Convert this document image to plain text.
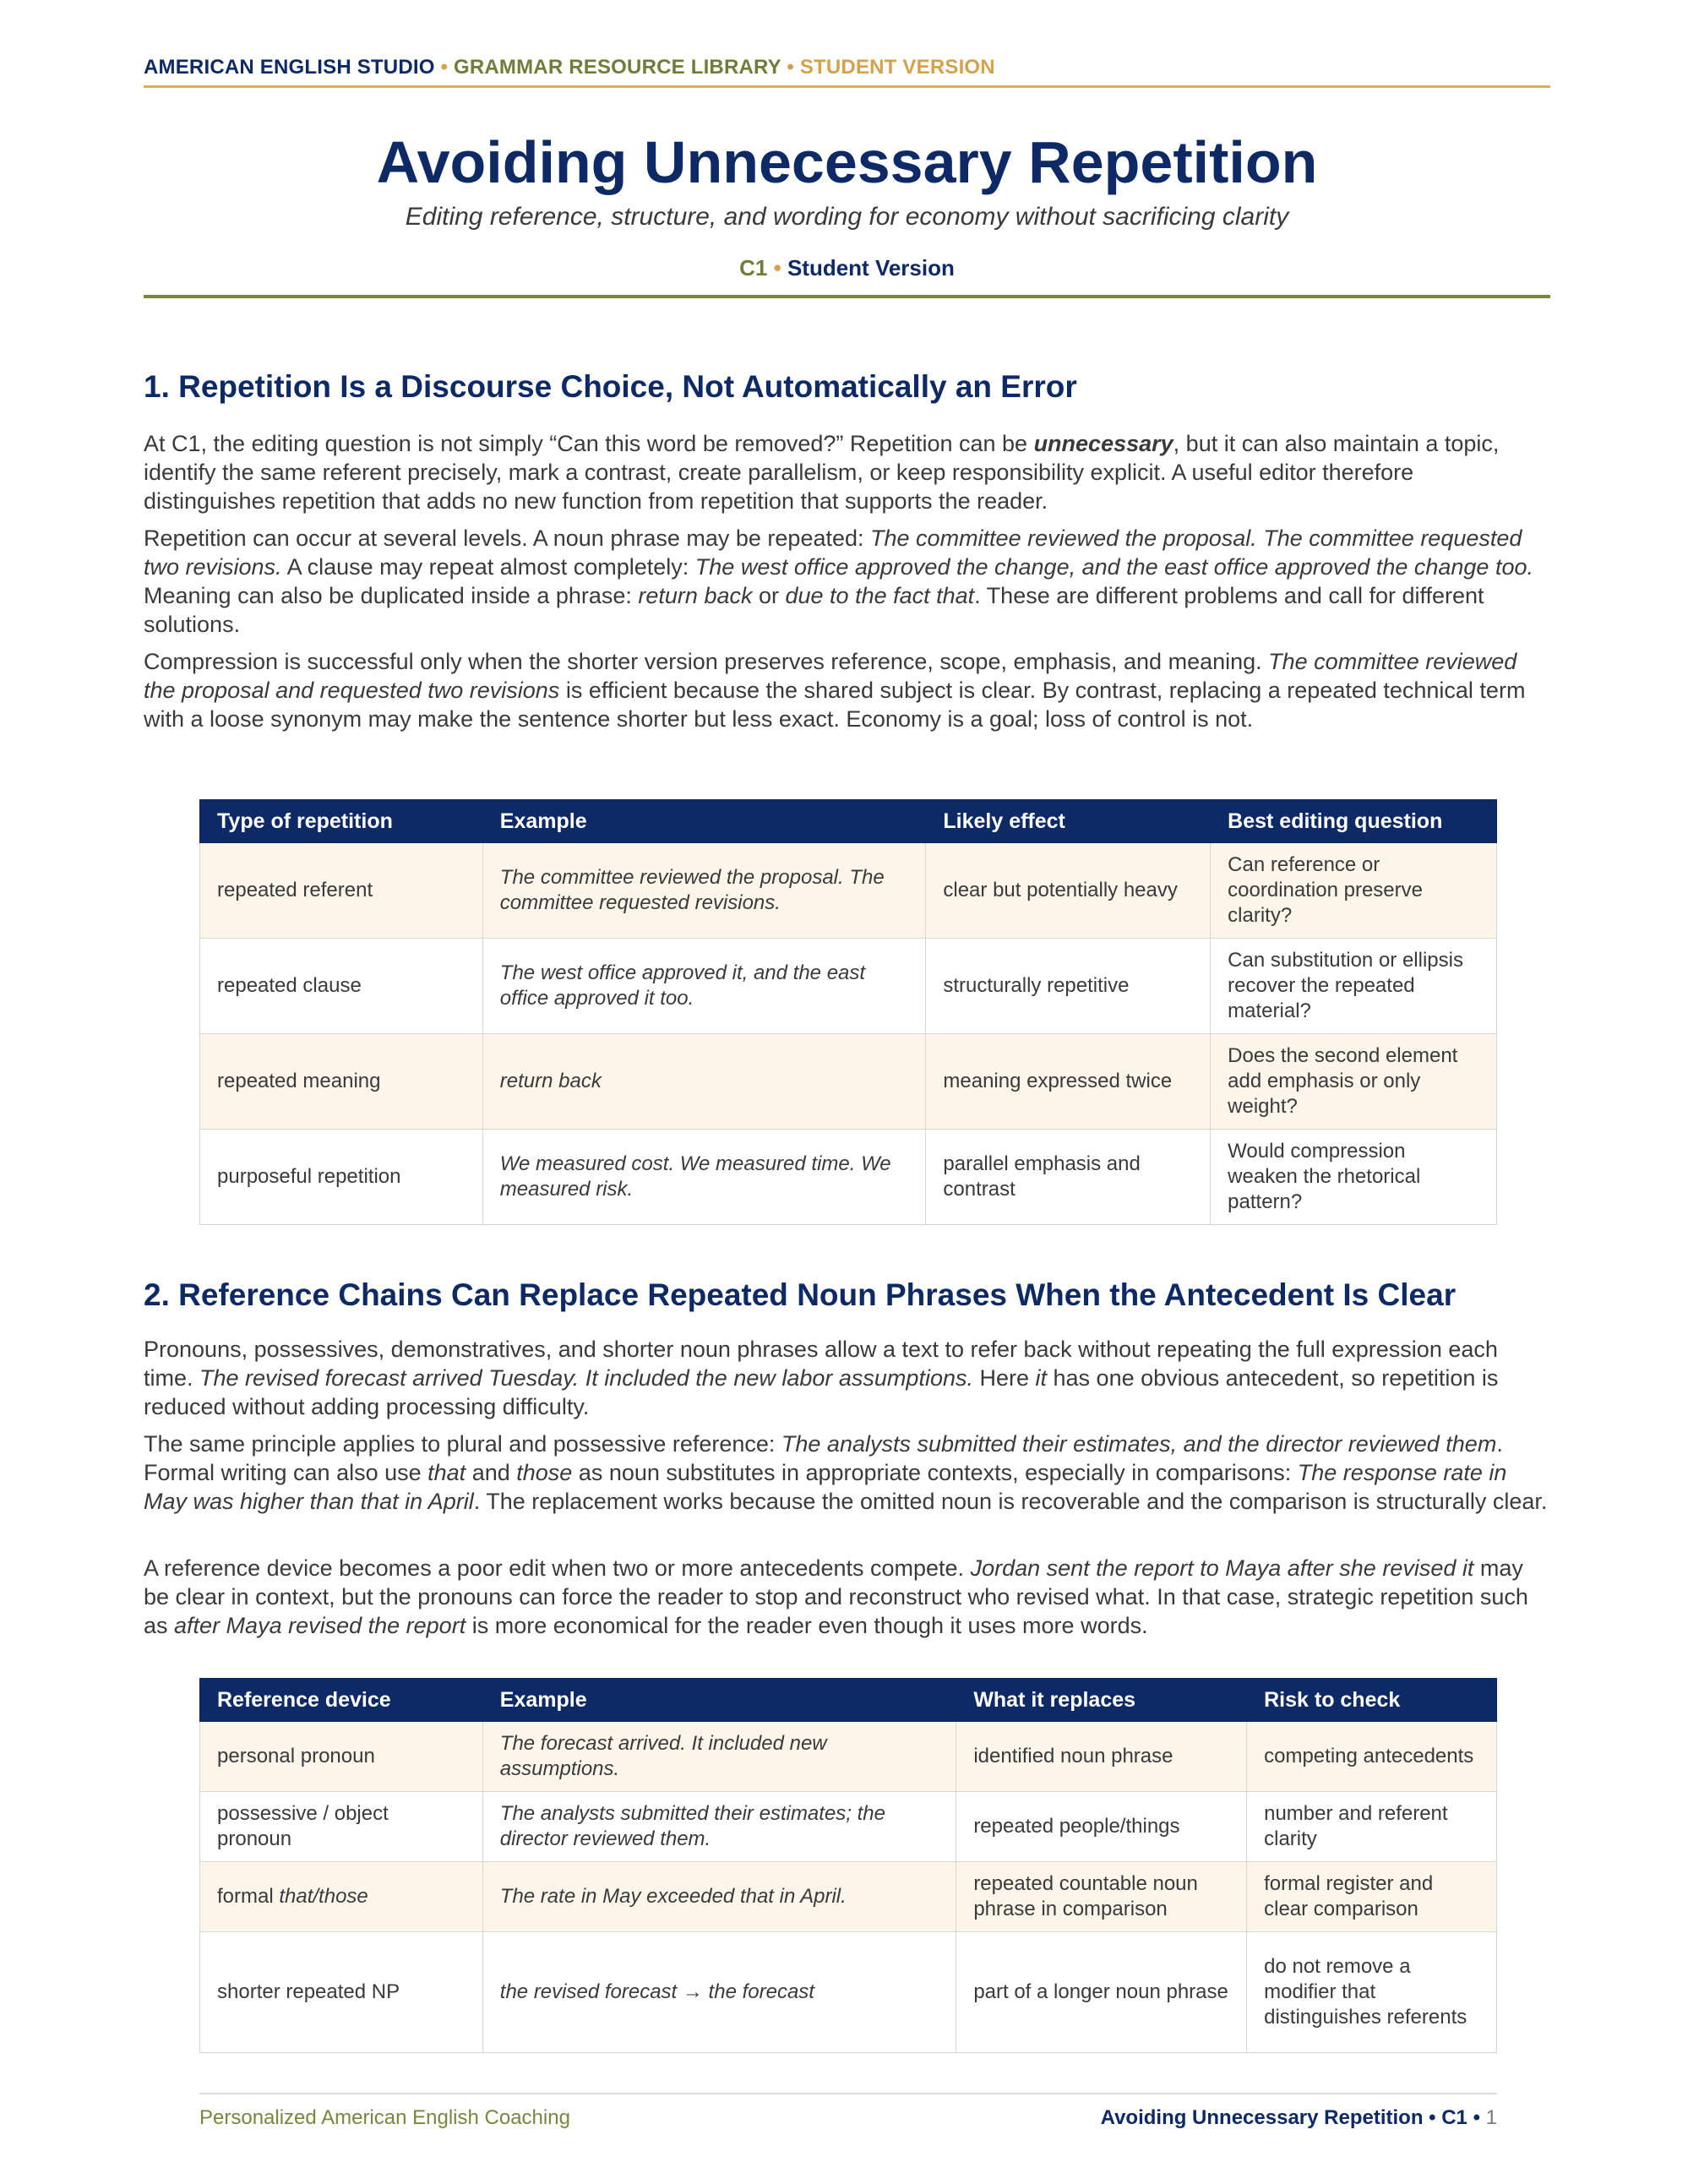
AMERICAN ENGLISH STUDIO • GRAMMAR RESOURCE LIBRARY • STUDENT VERSION
Avoiding Unnecessary Repetition
Editing reference, structure, and wording for economy without sacrificing clarity
C1 • Student Version
1. Repetition Is a Discourse Choice, Not Automatically an Error

At C1, the editing question is not simply “Can this word be removed?” Repetition can be unnecessary, but it can also maintain a topic, identify the same referent precisely, mark a contrast, create parallelism, or keep responsibility explicit. A useful editor therefore distinguishes repetition that adds no new function from repetition that supports the reader.

Repetition can occur at several levels. A noun phrase may be repeated: The committee reviewed the proposal. The committee requested two revisions. A clause may repeat almost completely: The west office approved the change, and the east office approved the change too. Meaning can also be duplicated inside a phrase: return back or due to the fact that. These are different problems and call for different solutions.

Compression is successful only when the shorter version preserves reference, scope, emphasis, and meaning. The committee reviewed the proposal and requested two revisions is efficient because the shared subject is clear. By contrast, replacing a repeated technical term with a loose synonym may make the sentence shorter but less exact. Economy is a goal; loss of control is not.

Type of repetition	Example	Likely effect	Best editing question
repeated referent	The committee reviewed the proposal. The committee requested revisions.	clear but potentially heavy	Can reference or coordination preserve clarity?
repeated clause	The west office approved it, and the east office approved it too.	structurally repetitive	Can substitution or ellipsis recover the repeated material?
repeated meaning	return back	meaning expressed twice	Does the second element add emphasis or only weight?
purposeful repetition	We measured cost. We measured time. We measured risk.	parallel emphasis and contrast	Would compression weaken the rhetorical pattern?
2. Reference Chains Can Replace Repeated Noun Phrases When the Antecedent Is Clear

Pronouns, possessives, demonstratives, and shorter noun phrases allow a text to refer back without repeating the full expression each time. The revised forecast arrived Tuesday. It included the new labor assumptions. Here it has one obvious antecedent, so repetition is reduced without adding processing difficulty.

The same principle applies to plural and possessive reference: The analysts submitted their estimates, and the director reviewed them. Formal writing can also use that and those as noun substitutes in appropriate contexts, especially in comparisons: The response rate in May was higher than that in April. The replacement works because the omitted noun is recoverable and the comparison is structurally clear.

A reference device becomes a poor edit when two or more antecedents compete. Jordan sent the report to Maya after she revised it may be clear in context, but the pronouns can force the reader to stop and reconstruct who revised what. In that case, strategic repetition such as after Maya revised the report is more economical for the reader even though it uses more words.

Reference device	Example	What it replaces	Risk to check
personal pronoun	The forecast arrived. It included new assumptions.	identified noun phrase	competing antecedents
possessive / object pronoun	The analysts submitted their estimates; the director reviewed them.	repeated people/things	number and referent clarity
formal that/those	The rate in May exceeded that in April.	repeated countable noun phrase in comparison	formal register and clear comparison
shorter repeated NP	the revised forecast → the forecast	part of a longer noun phrase	do not remove a modifier that distinguishes referents
Personalized American English Coaching	Avoiding Unnecessary Repetition • C1 • 1
